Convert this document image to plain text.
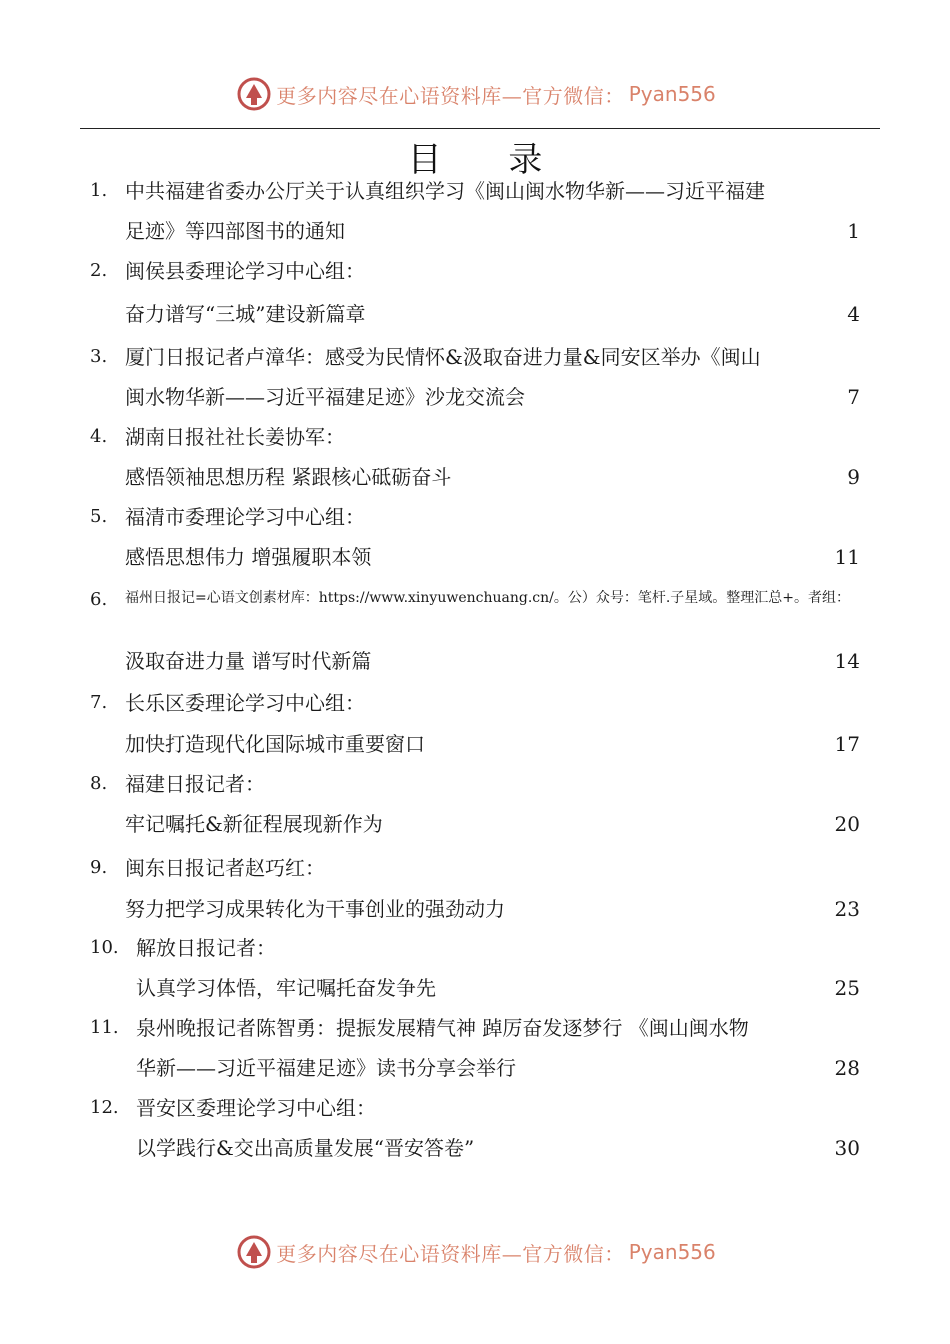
更多内容尽在心语资料库—官方微信： Pyan556
目 录
1. 中共福建省委办公厅关于认真组织学习《闽山闽水物华新——习近平福建
足迹》等四部图书的通知	1
2. 闽侯县委理论学习中心组：
奋力谱写“三城”建设新篇章	4
3. 厦门日报记者卢漳华：感受为民情怀&汲取奋进力量&同安区举办《闽山
闽水物华新——习近平福建足迹》沙龙交流会	7
4. 湖南日报社社长姜协军：
感悟领袖思想历程 紧跟核心砥砺奋斗	9
5. 福清市委理论学习中心组：
感悟思想伟力 增强履职本领	11
6.	福州日报记=心语文创素材库：https://www.xinyuwenchuang.cn/。公）众号：笔杆.子星域。整理汇总+。者组：
汲取奋进力量 谱写时代新篇	14
7. 长乐区委理论学习中心组：
加快打造现代化国际城市重要窗口	17
8. 福建日报记者：
牢记嘱托&新征程展现新作为	20
9. 闽东日报记者赵巧红：
努力把学习成果转化为干事创业的强劲动力	23
10. 解放日报记者：
认真学习体悟，牢记嘱托奋发争先	25
11. 泉州晚报记者陈智勇：提振发展精气神 踔厉奋发逐梦行 《闽山闽水物
华新——习近平福建足迹》读书分享会举行	28
12. 晋安区委理论学习中心组：
以学践行&交出高质量发展“晋安答卷”	30
更多内容尽在心语资料库—官方微信： Pyan556
